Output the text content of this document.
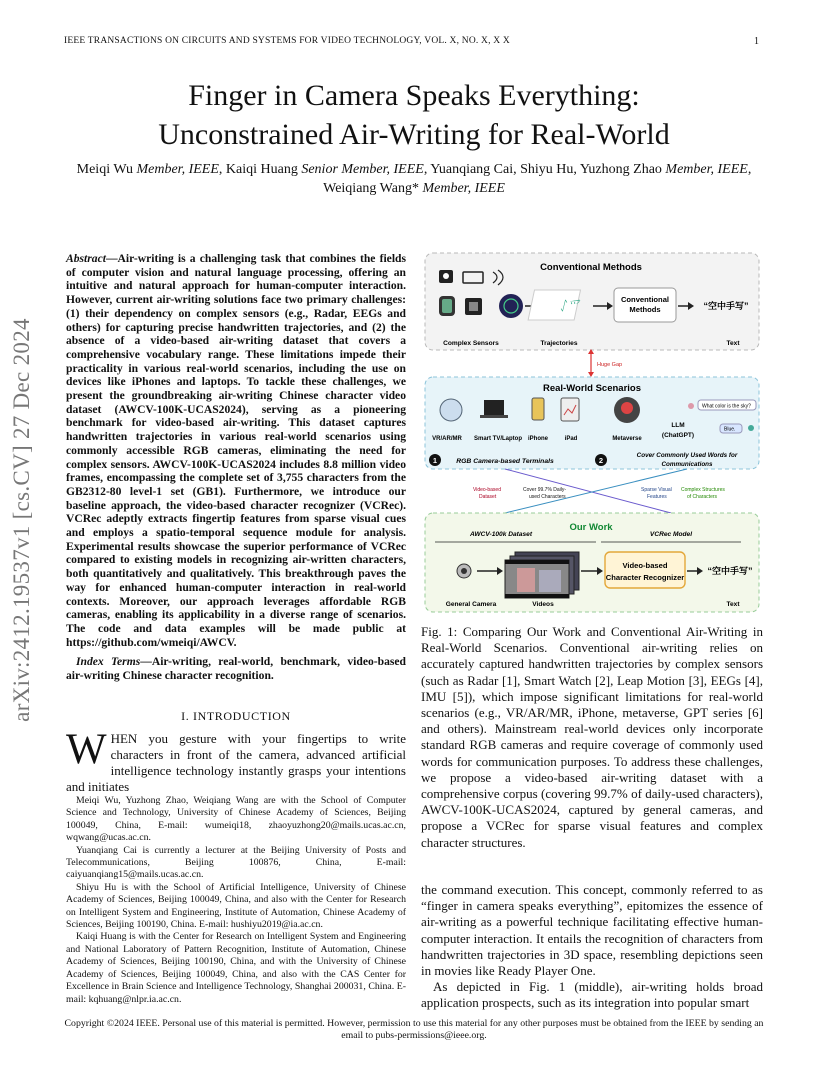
IEEE TRANSACTIONS ON CIRCUITS AND SYSTEMS FOR VIDEO TECHNOLOGY, VOL. X, NO. X, X X	1
arXiv:2412.19537v1 [cs.CV] 27 Dec 2024
Finger in Camera Speaks Everything:
Unconstrained Air-Writing for Real-World
Meiqi Wu Member, IEEE, Kaiqi Huang Senior Member, IEEE, Yuanqiang Cai, Shiyu Hu, Yuzhong Zhao Member, IEEE, Weiqiang Wang* Member, IEEE
Abstract—Air-writing is a challenging task that combines the fields of computer vision and natural language processing, offering an intuitive and natural approach for human-computer interaction. However, current air-writing solutions face two primary challenges: (1) their dependency on complex sensors (e.g., Radar, EEGs and others) for capturing precise handwritten trajectories, and (2) the absence of a video-based air-writing dataset that covers a comprehensive vocabulary range. These limitations impede their practicality in various real-world scenarios, including the use on devices like iPhones and laptops. To tackle these challenges, we present the groundbreaking air-writing Chinese character video dataset (AWCV-100K-UCAS2024), serving as a pioneering benchmark for video-based air-writing. This dataset captures handwritten trajectories in various real-world scenarios using commonly accessible RGB cameras, eliminating the need for complex sensors. AWCV-100K-UCAS2024 includes 8.8 million video frames, encompassing the complete set of 3,755 characters from the GB2312-80 level-1 set (GB1). Furthermore, we introduce our baseline approach, the video-based character recognizer (VCRec). VCRec adeptly extracts fingertip features from sparse visual cues and employs a spatio-temporal sequence module for analysis. Experimental results showcase the superior performance of VCRec compared to existing models in recognizing air-written characters, both quantitatively and qualitatively. This breakthrough paves the way for enhanced human-computer interaction in real-world contexts. Moreover, our approach leverages affordable RGB cameras, enabling its applicability in a diverse range of scenarios. The code and data examples will be made public at https://github.com/wmeiqi/AWCV.
Index Terms—Air-writing, real-world, benchmark, video-based air-writing Chinese character recognition.
I. INTRODUCTION
WHEN you gesture with your fingertips to write characters in front of the camera, advanced artificial intelligence technology instantly grasps your intentions and initiates

Meiqi Wu, Yuzhong Zhao, Weiqiang Wang are with the School of Computer Science and Technology, University of Chinese Academy of Sciences, Beijing 100049, China, E-mail: wumeiqi18, zhaoyuzhong20@mails.ucas.ac.cn, wqwang@ucas.ac.cn.

Yuanqiang Cai is currently a lecturer at the Beijing University of Posts and Telecommunications, Beijing 100876, China, E-mail: caiyuanqiang15@mails.ucas.ac.cn.

Shiyu Hu is with the School of Artificial Intelligence, University of Chinese Academy of Sciences, Beijing 100049, China, and also with the Center for Research on Intelligent System and Engineering, Institute of Automation, Chinese Academy of Sciences, Beijing 100190, China. E-mail: hushiyu2019@ia.ac.cn.

Kaiqi Huang is with the Center for Research on Intelligent System and Engineering and National Laboratory of Pattern Recognition, Institute of Automation, Chinese Academy of Sciences, Beijing 100190, China, and with the University of Chinese Academy of Sciences, Beijing 100049, China, and also with the CAS Center for Excellence in Brain Science and Intelligence Technology, Shanghai 200031, China. E-mail: kqhuang@nlpr.ia.ac.cn.

Conventional Methods
ᛇ爫	Conventional
Methods	“空中手写”
Complex Sensors	Trajectories	Text
Huge Gap
Real-World Scenarios
What color is the sky?
Blue.
VR/AR/MR Smart TV/Laptop iPhone	iPad	Metaverse
LLM
(ChatGPT)
1	RGB Camera-based Terminals	2
Cover Commonly Used Words for
Communications
Video-based
Dataset
Cover 99.7% Daily-
used Characters
Sparse Visual
Features
Complex Structures
of Characters
Our Work
AWCV-100k Dataset	VCRec Model
Video-based
Character Recognizer
“空中手写”
General Camera	Videos	Text
Fig. 1: Comparing Our Work and Conventional Air-Writing in Real-World Scenarios. Conventional air-writing relies on accurately captured handwritten trajectories by complex sensors (such as Radar [1], Smart Watch [2], Leap Motion [3], EEGs [4], IMU [5]), which impose significant limitations for real-world scenarios (e.g., VR/AR/MR, iPhone, metaverse, GPT series [6] and others). Mainstream real-world devices only incorporate standard RGB cameras and require coverage of commonly used words for communication purposes. To address these challenges, we propose a video-based air-writing dataset with a comprehensive corpus (covering 99.7% of daily-used characters), AWCV-100K-UCAS2024, captured by general cameras, and propose a VCRec for sparse visual features and complex character structures.

the command execution. This concept, commonly referred to as “finger in camera speaks everything”, epitomizes the essence of air-writing as a powerful technique facilitating effective human-computer interaction. It entails the recognition of characters from handwritten trajectories in 3D space, resembling depictions seen in movies like Ready Player One.

As depicted in Fig. 1 (middle), air-writing holds broad application prospects, such as its integration into popular smart

Copyright ©2024 IEEE. Personal use of this material is permitted. However, permission to use this material for any other purposes must be obtained from the IEEE by sending an email to pubs-permissions@ieee.org.
